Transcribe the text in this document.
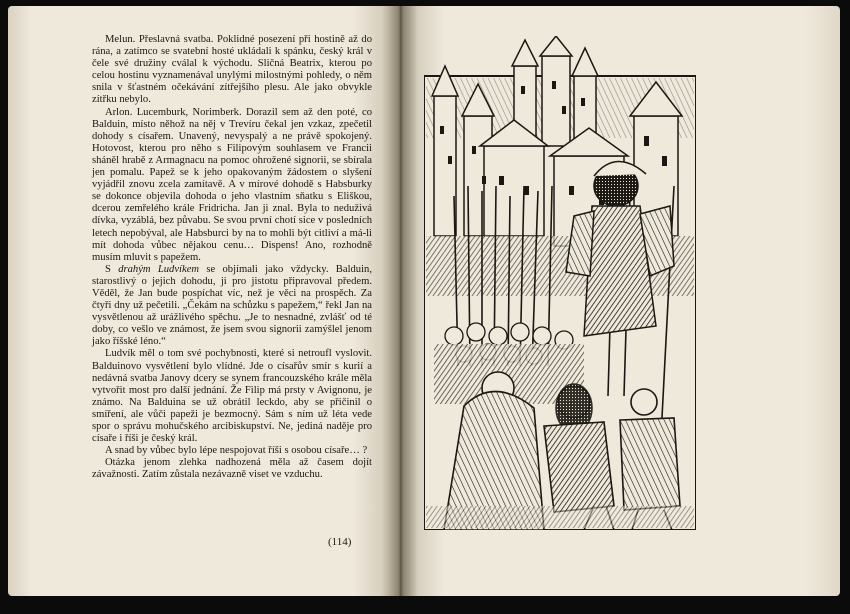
Melun. Přeslavná svatba. Poklidné posezení při hostině až do rána, a zatímco se svatební hosté ukládali k spánku, český král v čele své družiny cválal k východu. Sličná Beatrix, kterou po celou hostinu vyznamenával unylými milostnými pohledy, o něm snila v šťastném očekávání zítřejšího plesu. Ale jako obvykle zítřku nebylo.

Arlon. Lucemburk, Norimberk. Dorazil sem až den poté, co Balduin, místo něhož na něj v Trevíru čekal jen vzkaz, zpečetil dohody s císařem. Unavený, nevyspalý a ne právě spokojený. Hotovost, kterou pro něho s Filipovým souhlasem ve Francii sháněl hrabě z Armagnacu na pomoc ohrožené signorii, se sbírala jen pomalu. Papež se k jeho opakovaným žádostem o slyšení vyjádřil znovu zcela zamítavě. A v mírové dohodě s Habsburky se dokonce objevila dohoda o jeho vlastním sňatku s Eliškou, dcerou zemřelého krále Fridricha. Jan ji znal. Byla to neduživá dívka, vyzáblá, bez půvabu. Se svou první chotí sice v posledních letech nepobýval, ale Habsburci by na to mohli být citliví a má-li mít dohoda vůbec nějakou cenu… Dispens! Ano, rozhodně musím mluvit s papežem.

S drahým Ludvíkem se objímali jako vždycky. Balduin, starostlivý o jejich dohodu, ji pro jistotu připravoval předem. Věděl, že Jan bude pospíchat víc, než je věci na prospěch. Za čtyři dny už pečetili. „Čekám na schůzku s papežem,“ řekl Jan na vysvětlenou až urážlivého spěchu. „Je to nesnadné, zvlášť od té doby, co vešlo ve známost, že jsem svou signorii zamýšlel jenom jako říšské léno.“

Ludvík měl o tom své pochybnosti, které si netroufl vyslovit. Balduinovo vysvětlení bylo vlídné. Jde o císařův smír s kurií a nedávná svatba Janovy dcery se synem francouzského krále měla vytvořit most pro další jednání. Že Filip má prsty v Avignonu, je známo. Na Balduina se už obrátil leckdo, aby se přičinil o smíření, ale vůči papeži je bezmocný. Sám s ním už léta vede spor o správu mohučského arcibiskupství. Ne, jediná naděje pro císaře i říši je český král.

A snad by vůbec bylo lépe nespojovat říši s osobou císaře… ?

Otázka jenom zlehka nadhozená měla až časem dojít závažnosti. Zatím zůstala nezávazně viset ve vzduchu.

(114)
